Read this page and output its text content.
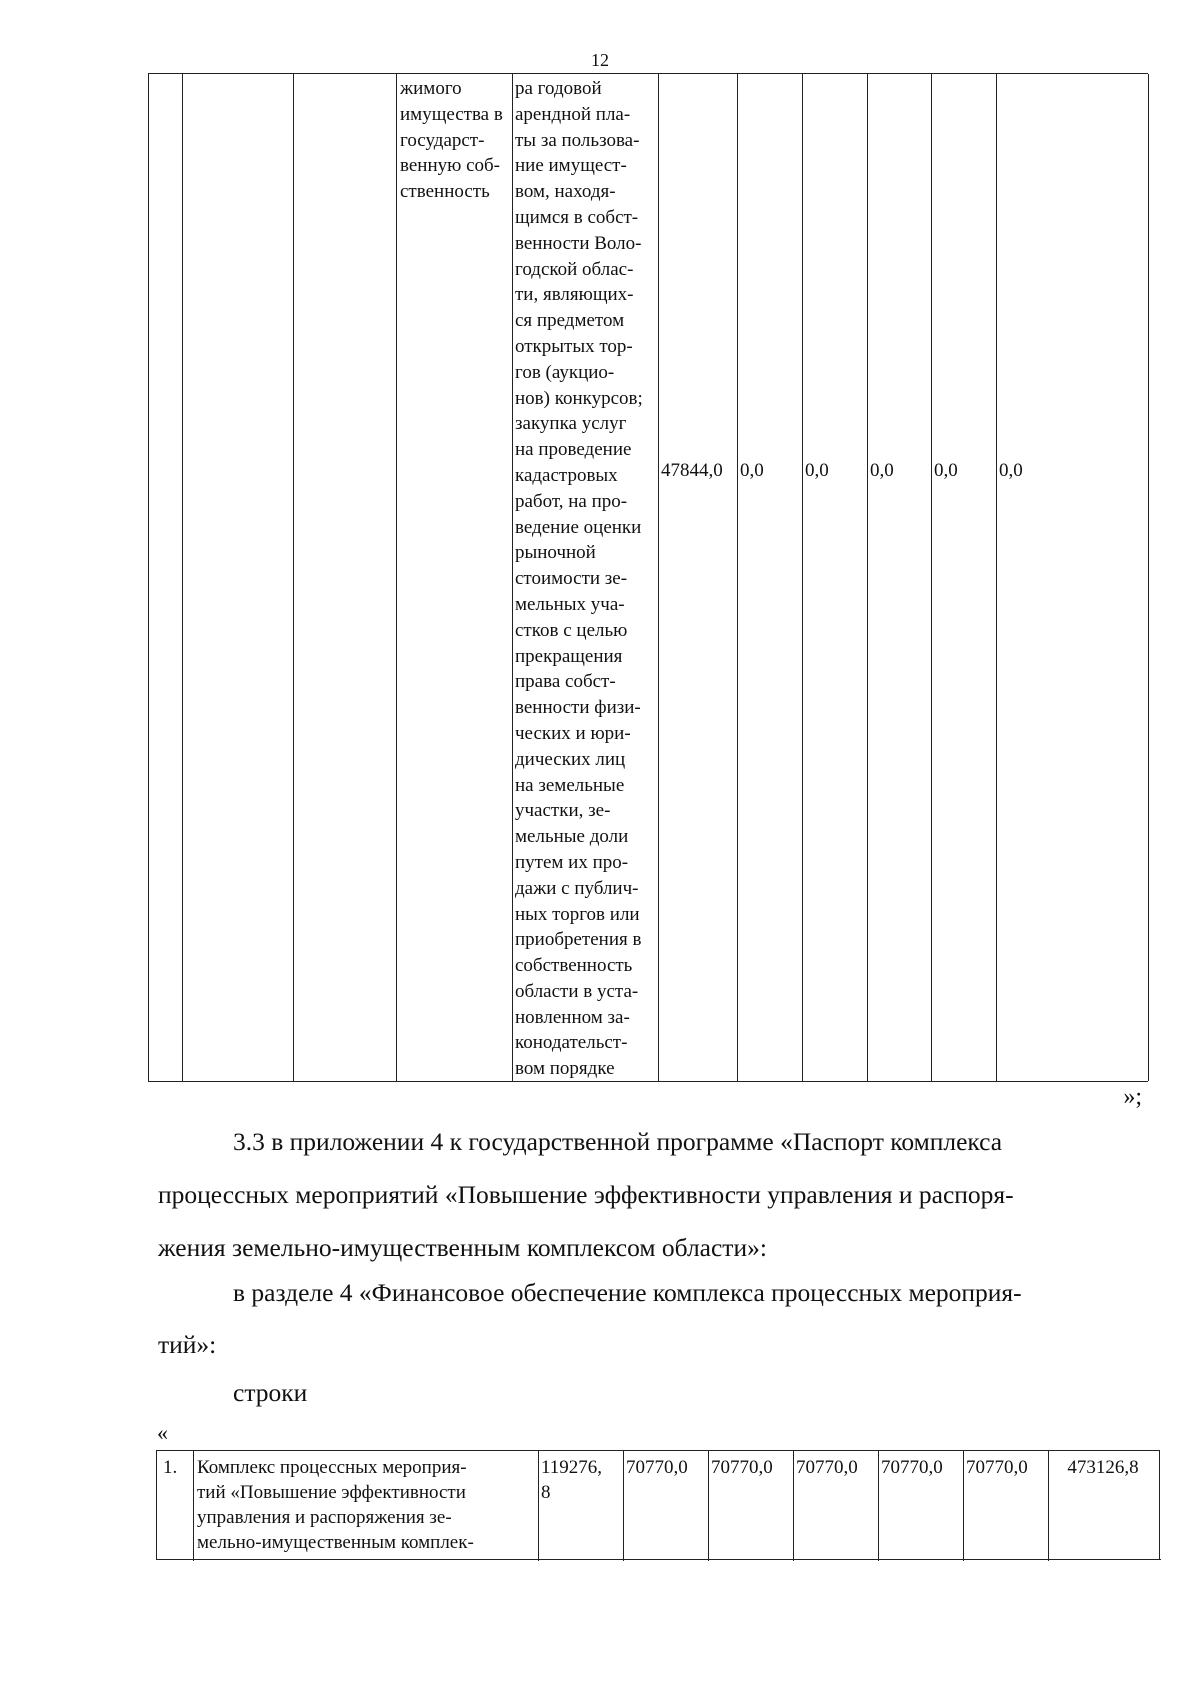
12
жимого
имущества в
государст-
венную соб-
ственность
ра годовой
арендной пла-
ты за пользова-
ние имущест-
вом, находя-
щимся в собст-
венности Воло-
годской облас-
ти, являющих-
ся предметом
открытых тор-
гов (аукцио-
нов) конкурсов;
закупка услуг
на проведение
кадастровых
работ, на про-
ведение оценки
рыночной
стоимости зе-
мельных уча-
стков с целью
прекращения
права собст-
венности физи-
ческих и юри-
дических лиц
на земельные
участки, зе-
мельные доли
путем их про-
дажи с публич-
ных торгов или
приобретения в
собственность
области в уста-
новленном за-
конодательст-
вом порядке
47844,0 0,0 0,0 0,0 0,0 0,0
»;
3.3 в приложении 4 к государственной программе «Паспорт комплекса
процессных мероприятий «Повышение эффективности управления и распоря-
жения земельно-имущественным комплексом области»:
в разделе 4 «Финансовое обеспечение комплекса процессных мероприя-
тий»:
строки
«
1. Комплекс процессных мероприя-
тий «Повышение эффективности
управления и распоряжения зе-
мельно-имущественным комплек-
119276,
8
70770,0 70770,0 70770,0 70770,0 70770,0	473126,8
